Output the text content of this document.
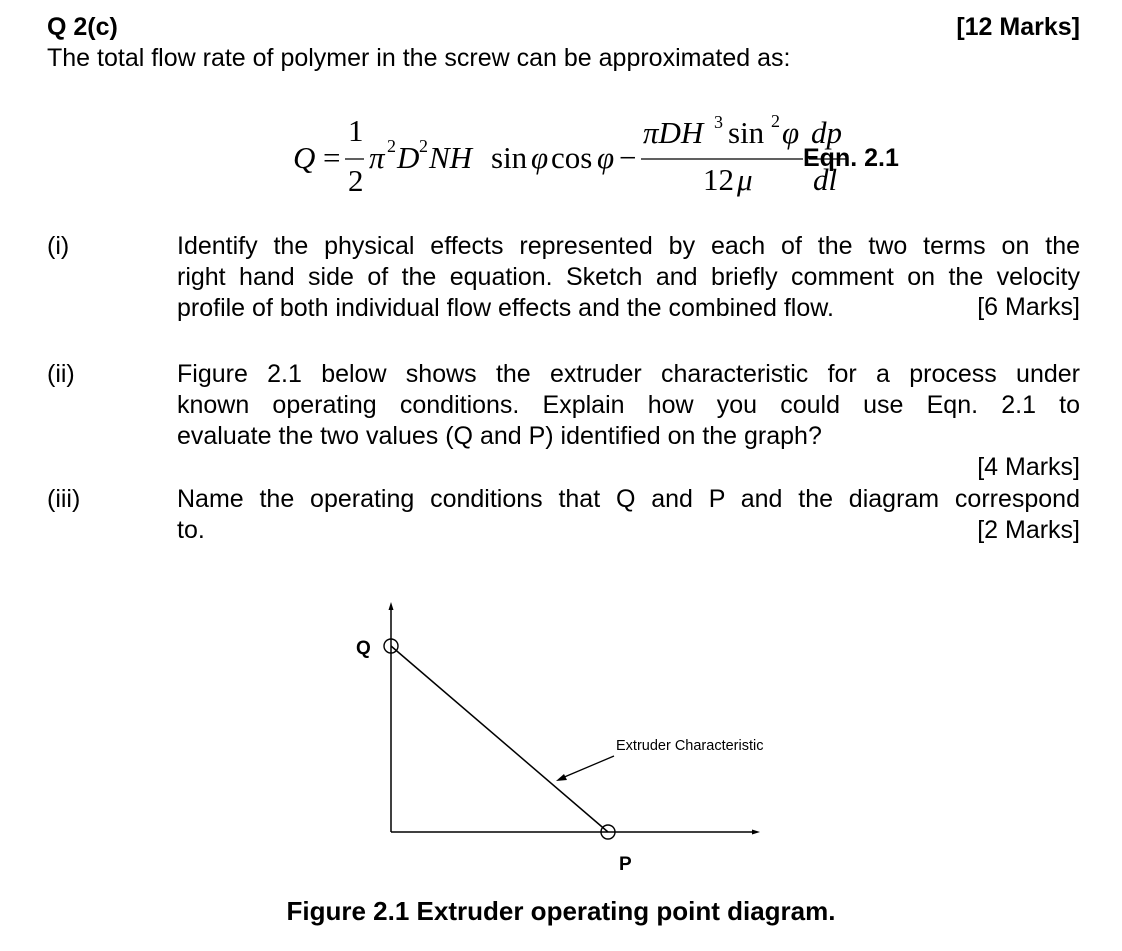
Q 2(c)	[12 Marks]
The total flow rate of polymer in the screw can be approximated as:
Q =
1
2
π 2 D 2 NH sin φ cos φ −
πDH 3 sin 2 φ
12 μ
dp
dl
Eqn. 2.1
(i)	Identify the physical effects represented by each of the two terms on the
right hand side of the equation. Sketch and briefly comment on the velocity
profile of both individual flow effects and the combined flow.	[6 Marks]
(ii)	Figure 2.1 below shows the extruder characteristic for a process under
known operating conditions. Explain how you could use Eqn. 2.1 to
evaluate the two values (Q and P) identified on the graph?
[4 Marks]
(iii)	Name the operating conditions that Q and P and the diagram correspond
to.	[2 Marks]
Q
P
Extruder Characteristic
Figure 2.1 Extruder operating point diagram.
